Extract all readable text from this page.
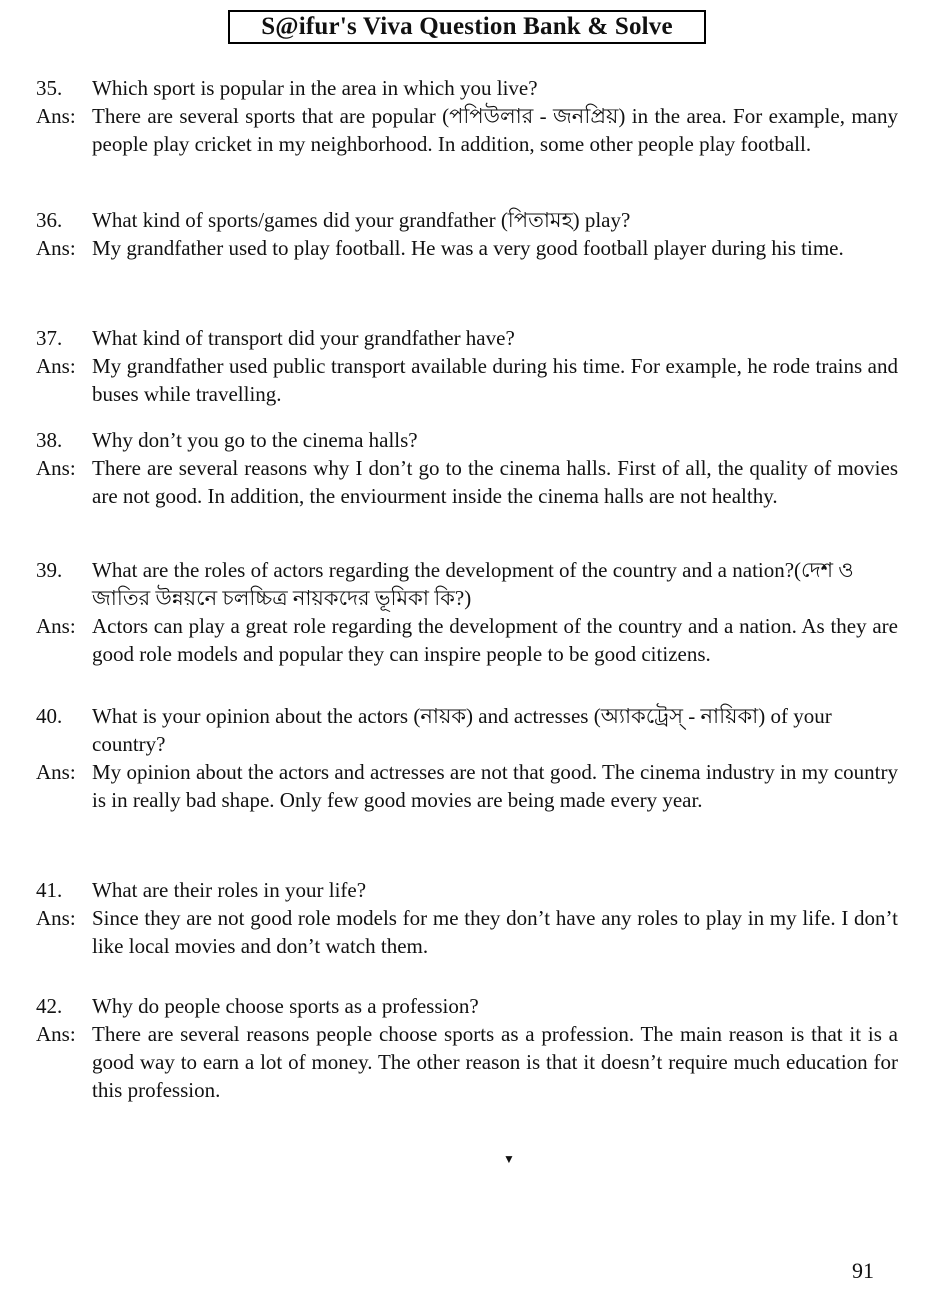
S@ifur's Viva Question Bank & Solve
35. Which sport is popular in the area in which you live?
Ans: There are several sports that are popular (পপিউলার - জনপ্রিয়) in the area. For example, many people play cricket in my neighborhood. In addition, some other people play football.
36. What kind of sports/games did your grandfather (পিতামহ) play?
Ans: My grandfather used to play football. He was a very good football player during his time.
37. What kind of transport did your grandfather have?
Ans: My grandfather used public transport available during his time. For example, he rode trains and buses while travelling.
38. Why don’t you go to the cinema halls?
Ans: There are several reasons why I don’t go to the cinema halls. First of all, the quality of movies are not good. In addition, the enviourment inside the cinema halls are not healthy.
39. What are the roles of actors regarding the development of the country and a nation?(দেশ ও জাতির উন্নয়নে চলচ্চিত্র নায়কদের ভূমিকা কি?)
Ans: Actors can play a great role regarding the development of the country and a nation. As they are good role models and popular they can inspire people to be good citizens.
40. What is your opinion about the actors (নায়ক) and actresses (অ্যাকট্রেস্ - নায়িকা) of your country?
Ans: My opinion about the actors and actresses are not that good. The cinema industry in my country is in really bad shape. Only few good movies are being made every year.
41. What are their roles in your life?
Ans: Since they are not good role models for me they don’t have any roles to play in my life. I don’t like local movies and don’t watch them.
42. Why do people choose sports as a profession?
Ans: There are several reasons people choose sports as a profession. The main reason is that it is a good way to earn a lot of money. The other reason is that it doesn’t require much education for this profession.
▼
91
